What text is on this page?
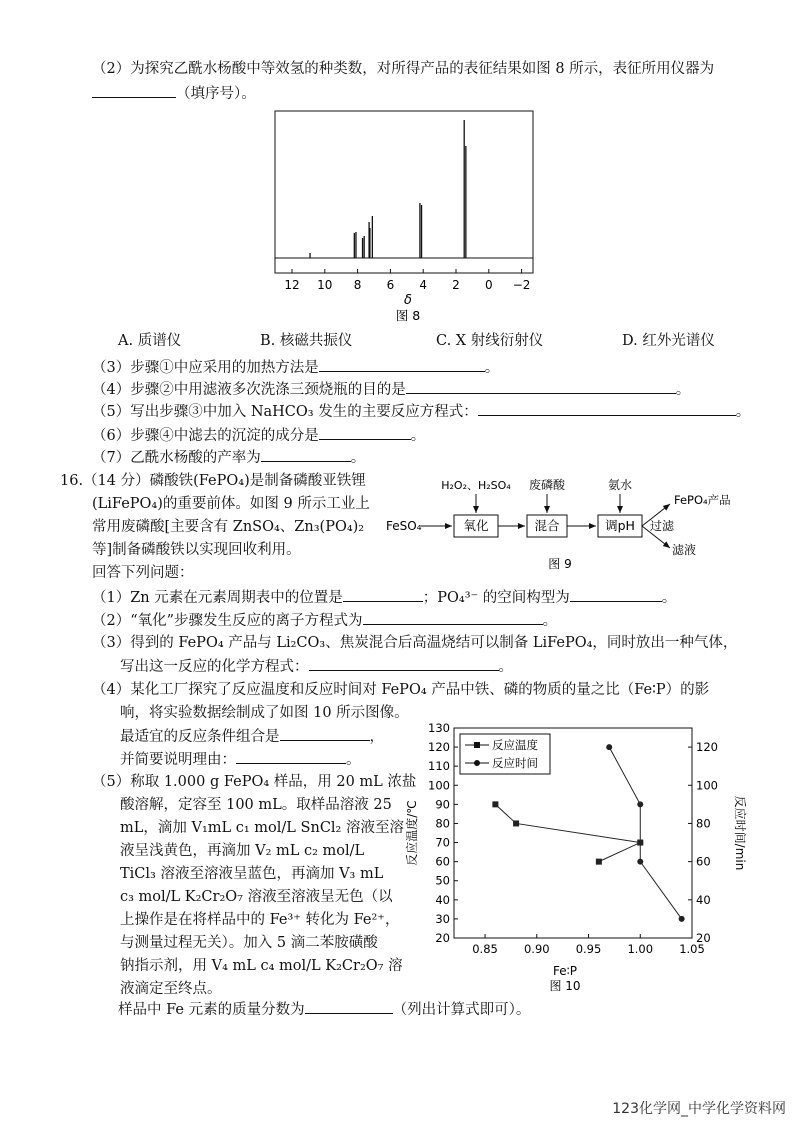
（2）为探究乙酰水杨酸中等效氢的种类数，对所得产品的表征结果如图 8 所示，表征所用仪器为
（填序号）。
12 10 8 6 4 2 0 −2
δ
图 8
A. 质谱仪	B. 核磁共振仪	C. X 射线衍射仪	D. 红外光谱仪
（3）步骤①中应采用的加热方法是	。
（4）步骤②中用滤液多次洗涤三颈烧瓶的目的是	。
（5）写出步骤③中加入 NaHCO₃ 发生的主要反应方程式：	。
（6）步骤④中滤去的沉淀的成分是	。
（7）乙酰水杨酸的产率为	。
16.（14 分）磷酸铁(FePO₄)是制备磷酸亚铁锂
(LiFePO₄)的重要前体。如图 9 所示工业上
常用废磷酸[主要含有 ZnSO₄、Zn₃(PO₄)₂
等]制备磷酸铁以实现回收利用。
回答下列问题：
FeSO₄	氧化	混合	调pH
H₂O₂、H₂SO₄ 废磷酸	氨水
FePO₄产品
过滤
滤液
图 9
（1）Zn 元素在元素周期表中的位置是	；PO₄³⁻ 的空间构型为	。
（2）“氧化”步骤发生反应的离子方程式为	。
（3）得到的 FePO₄ 产品与 Li₂CO₃、焦炭混合后高温烧结可以制备 LiFePO₄，同时放出一种气体，
写出这一反应的化学方程式：	。
（4）某化工厂探究了反应温度和反应时间对 FePO₄ 产品中铁、磷的物质的量之比（Fe∶P）的影
响，将实验数据绘制成了如图 10 所示图像。
最适宜的反应条件组合是	，
并简要说明理由：	。
（5）称取 1.000 g FePO₄ 样品，用 20 mL 浓盐
酸溶解，定容至 100 mL。取样品溶液 25
mL，滴加 V₁mL c₁ mol/L SnCl₂ 溶液至溶
液呈浅黄色，再滴加 V₂ mL c₂ mol/L
TiCl₃ 溶液至溶液呈蓝色，再滴加 V₃ mL
c₃ mol/L K₂Cr₂O₇ 溶液至溶液呈无色（以
上操作是在将样品中的 Fe³⁺ 转化为 Fe²⁺，
与测量过程无关）。加入 5 滴二苯胺磺酸
钠指示剂，用 V₄ mL c₄ mol/L K₂Cr₂O₇ 溶
液滴定至终点。
0.85 0.90 0.95 1.00 1.05
20
30
40
50
60
70
80
90
100
110
120
130
20
40
60
80
100
120
反应温度
反应时间
反应温度/℃	反应时间/min
Fe∶P
图 10
样品中 Fe 元素的质量分数为	（列出计算式即可）。
123化学网_中学化学资料网
